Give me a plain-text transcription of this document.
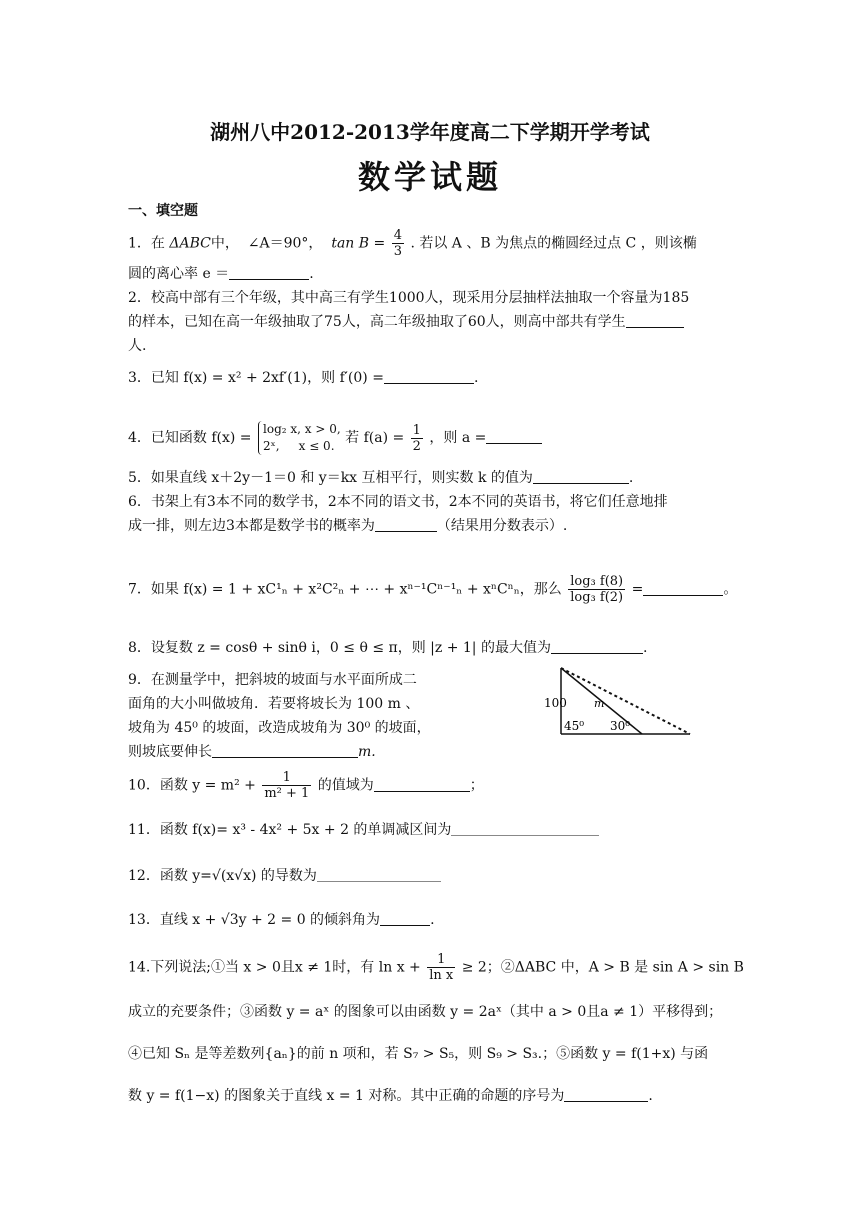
湖州八中2012-2013学年度高二下学期开学考试
数学试题
一、填空题
1．在 ΔABC中， ∠A＝90°， $\tan B = \frac{4}{3}$ . 若以 A 、B 为焦点的椭圆经过点 C ，则该椭
圆的离心率 e ＝	.
2．校高中部有三个年级，其中高三有学生1000人，现采用分层抽样法抽取一个容量为185
的样本，已知在高一年级抽取了75人，高二年级抽取了60人，则高中部共有学生
人.
3．已知 f(x) = x² + 2xf′(1)，则 f′(0) =	.
4．已知函数 f(x) =
log₂ x, x > 0,
2ˣ,     x ≤ 0. 若 $f(a) = \frac{1}{2}$ ，则 a =
5．如果直线 x＋2y－1＝0 和 y＝kx 互相平行，则实数 k 的值为	.
6．书架上有3本不同的数学书，2本不同的语文书，2本不同的英语书，将它们任意地排
成一排，则左边3本都是数学书的概率为	（结果用分数表示）.
7．如果 f(x) = 1 + xC¹ₙ + x²C²ₙ + ⋯ + xⁿ⁻¹Cⁿ⁻¹ₙ + xⁿCⁿₙ，那么 $\frac{\text{log₃ f(8)}}{\text{log₃ f(2)}}$ =	。
8．设复数 z = cosθ + sinθ i，0 ≤ θ ≤ π，则 |z + 1| 的最大值为	.
9．在测量学中，把斜坡的坡面与水平面所成二
面角的大小叫做坡角．若要将坡长为 100 m 、
坡角为 45⁰ 的坡面，改造成坡角为 30⁰ 的坡面，
则坡底要伸长	m.
100 m
45⁰ 30⁰
10．函数 $y = m^2 + \frac{1}{\text{m² + 1}}$ 的值域为	；
11．函数 f(x)= x³ - 4x² + 5x + 2 的单调减区间为
12．函数 y=√(x√x) 的导数为
13．直线 x + √3y + 2 = 0 的倾斜角为	.
14.下列说法;①当 x > 0且x ≠ 1时，有 $\ln x + \frac{1}{\text{ln x}} \ge 2$；②ΔABC 中，A > B 是 sin A > sin B
成立的充要条件；③函数 y = aˣ 的图象可以由函数 y = 2aˣ（其中 a > 0且a ≠ 1）平移得到；
④已知 Sₙ 是等差数列{aₙ}的前 n 项和，若 S₇ > S₅，则 S₉ > S₃.；⑤函数 y = f(1+x) 与函
数 y = f(1−x) 的图象关于直线 x = 1 对称。其中正确的命题的序号为	.
